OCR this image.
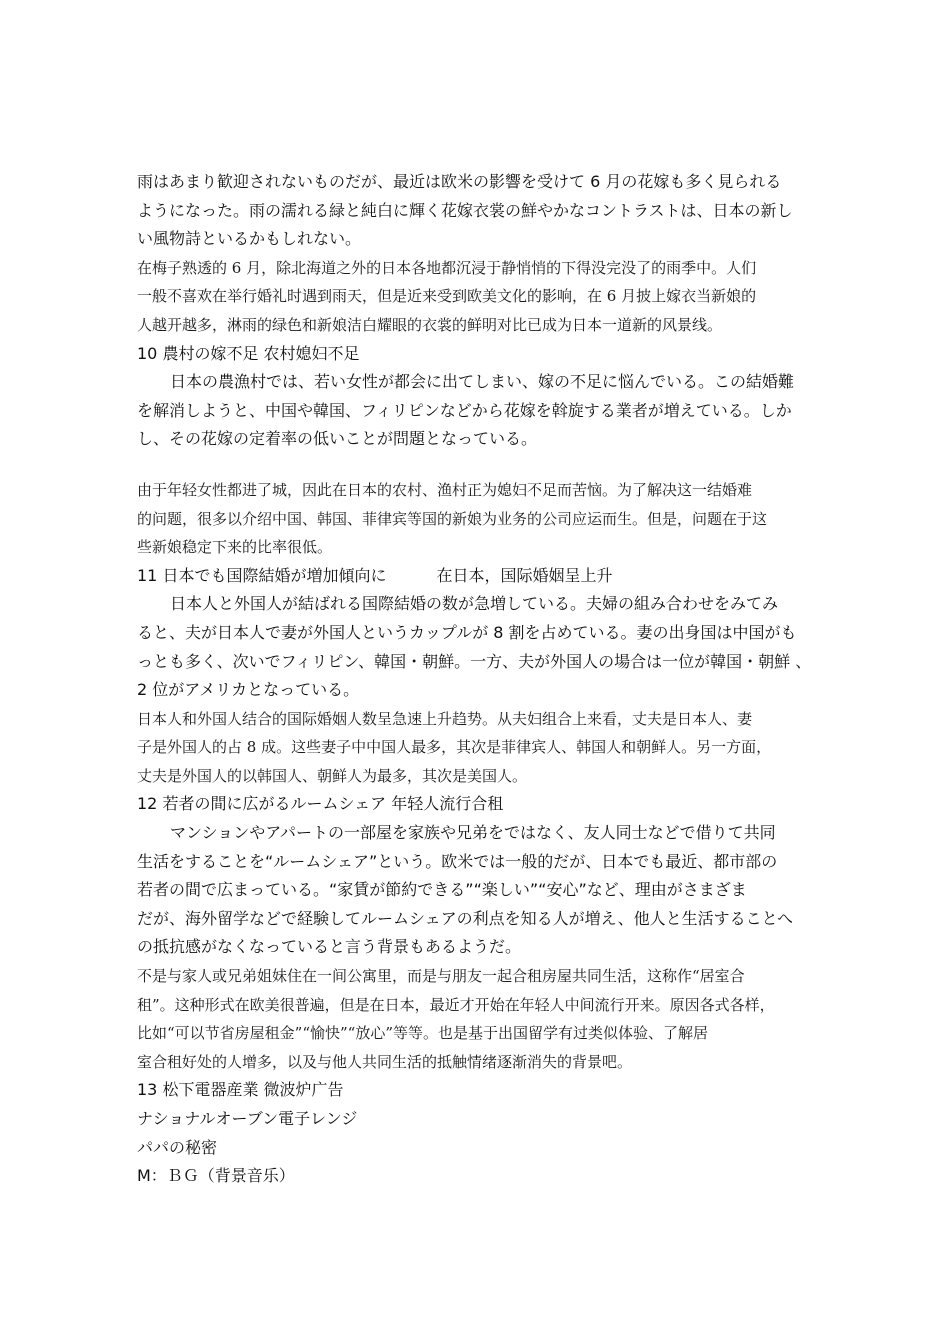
雨はあまり歓迎されないものだが、最近は欧米の影響を受けて 6 月の花嫁も多く見られる
ようになった。雨の濡れる緑と純白に輝く花嫁衣裳の鮮やかなコントラストは、日本の新し
い風物詩といるかもしれない。
在梅子熟透的 6 月，除北海道之外的日本各地都沉浸于静悄悄的下得没完没了的雨季中。人们
一般不喜欢在举行婚礼时遇到雨天，但是近来受到欧美文化的影响，在 6 月披上嫁衣当新娘的
人越开越多，淋雨的绿色和新娘洁白耀眼的衣裳的鲜明对比已成为日本一道新的风景线。
10 農村の嫁不足 农村媳妇不足
日本の農漁村では、若い女性が都会に出てしまい、嫁の不足に悩んでいる。この結婚難
を解消しようと、中国や韓国、フィリピンなどから花嫁を斡旋する業者が増えている。しか
し、その花嫁の定着率の低いことが問題となっている。
由于年轻女性都进了城，因此在日本的农村、渔村正为媳妇不足而苦恼。为了解决这一结婚难
的问题，很多以介绍中国、韩国、菲律宾等国的新娘为业务的公司应运而生。但是，问题在于这
些新娘稳定下来的比率很低。
11 日本でも国際結婚が増加傾向に	在日本，国际婚姻呈上升
日本人と外国人が結ばれる国際結婚の数が急増している。夫婦の組み合わせをみてみ
ると、夫が日本人で妻が外国人というカップルが 8 割を占めている。妻の出身国は中国がも
っとも多く、次いでフィリピン、韓国・朝鮮。一方、夫が外国人の場合は一位が韓国・朝鮮 、
2 位がアメリカとなっている。
日本人和外国人结合的国际婚姻人数呈急速上升趋势。从夫妇组合上来看，丈夫是日本人、妻
子是外国人的占 8 成。这些妻子中中国人最多，其次是菲律宾人、韩国人和朝鲜人。另一方面，
丈夫是外国人的以韩国人、朝鲜人为最多，其次是美国人。
12 若者の間に広がるルームシェア 年轻人流行合租
マンションやアパートの一部屋を家族や兄弟をではなく、友人同士などで借りて共同
生活をすることを“ルームシェア”という。欧米では一般的だが、日本でも最近、都市部の
若者の間で広まっている。“家賃が節約できる”“楽しい”“安心”など、理由がさまざま
だが、海外留学などで経験してルームシェアの利点を知る人が増え、他人と生活することへ
の抵抗感がなくなっていると言う背景もあるようだ。
不是与家人或兄弟姐妹住在一间公寓里，而是与朋友一起合租房屋共同生活，这称作“居室合
租”。这种形式在欧美很普遍，但是在日本，最近才开始在年轻人中间流行开来。原因各式各样，
比如“可以节省房屋租金”“愉快”“放心”等等。也是基于出国留学有过类似体验、了解居
室合租好处的人增多，以及与他人共同生活的抵触情绪逐渐消失的背景吧。
13 松下電器産業 微波炉广告
ナショナルオーブン電子レンジ
パパの秘密
M：ＢＧ（背景音乐）
